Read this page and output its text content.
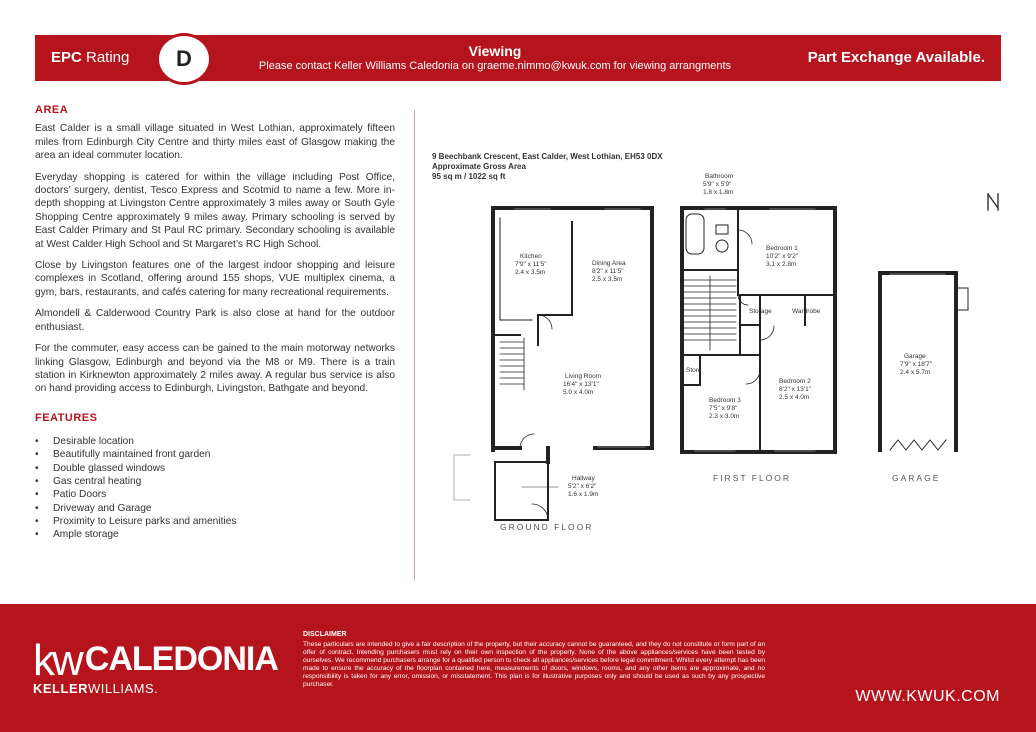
EPC Rating	D	Viewing
Please contact Keller Williams Caledonia on graeme.nimmo@kwuk.com for viewing arrangments	Part Exchange Available.
AREA

East Calder is a small village situated in West Lothian, approximately fifteen miles from Edinburgh City Centre and thirty miles east of Glasgow making the area an ideal commuter location.

Everyday shopping is catered for within the village including Post Office, doctors’ surgery, dentist, Tesco Express and Scotmid to name a few. More in-depth shopping at Livingston Centre approximately 3 miles away or South Gyle Shopping Centre approximately 9 miles away. Primary schooling is served by East Calder Primary and St Paul RC primary. Secondary schooling is available at West Calder High School and St Margaret’s RC High School.

Close by Livingston features one of the largest indoor shopping and leisure complexes in Scotland, offering around 155 shops, VUE multiplex cinema, a gym, bars, restaurants, and cafés catering for many recreational requirements.

Almondell & Calderwood Country Park is also close at hand for the outdoor enthusiast.

For the commuter, easy access can be gained to the main motorway networks linking Glasgow, Edinburgh and beyond via the M8 or M9. There is a train station in Kirknewton approximately 2 miles away. A regular bus service is also on hand providing access to Edinburgh, Livingston, Bathgate and beyond.

FEATURES
• Desirable location
• Beautifully maintained front garden
• Double glassed windows
• Gas central heating
• Patio Doors
• Driveway and Garage
• Proximity to Leisure parks and amenities
• Ample storage
9 Beechbank Crescent, East Calder, West Lothian, EH53 0DX
Approximate Gross Area
95 sq m / 1022 sq ft
Kitchen
7'9" x 11'5"
2.4 x 3.5m
Dining Area
8'2" x 11'5"
2.5 x 3.5m
Living Room
16'4" x 13'1"
5.0 x 4.0m
Hallway
5'2" x 6'2"
1.6 x 1.9m
Bathroom
5'9" x 5'9"
1.8 x 1.8m
Bedroom 1
10'2" x 9'2"
3.1 x 2.8m
Storage	Wardrobe
Store
Bedroom 2
8'2" x 13'1"
2.5 x 4.0m
Bedroom 3
7'5" x 9'8"
2.3 x 3.0m
Garage
7'9" x 18'7"
2.4 x 5.7m
GROUND FLOOR
FIRST FLOOR	GARAGE
kw CALEDONIA
KELLERWILLIAMS.
DISCLAIMER
These particulars are intended to give a fair description of the property, but their accuracy cannot be guaranteed, and they do not constitute or form part of an offer of contract. Intending purchasers must rely on their own inspection of the property. None of the above appliances/services have been tested by ourselves. We recommend purchasers arrange for a qualified person to check all appliances/services before legal commitment. Whilst every attempt has been made to ensure the accuracy of the floorplan contained here, measurements of doors, windows, rooms, and any other items are approximate, and no responsibility is taken for any error, omission, or misstatement. This plan is for illustrative purposes only and should be used as such by any prospective purchaser.
WWW.KWUK.COM
